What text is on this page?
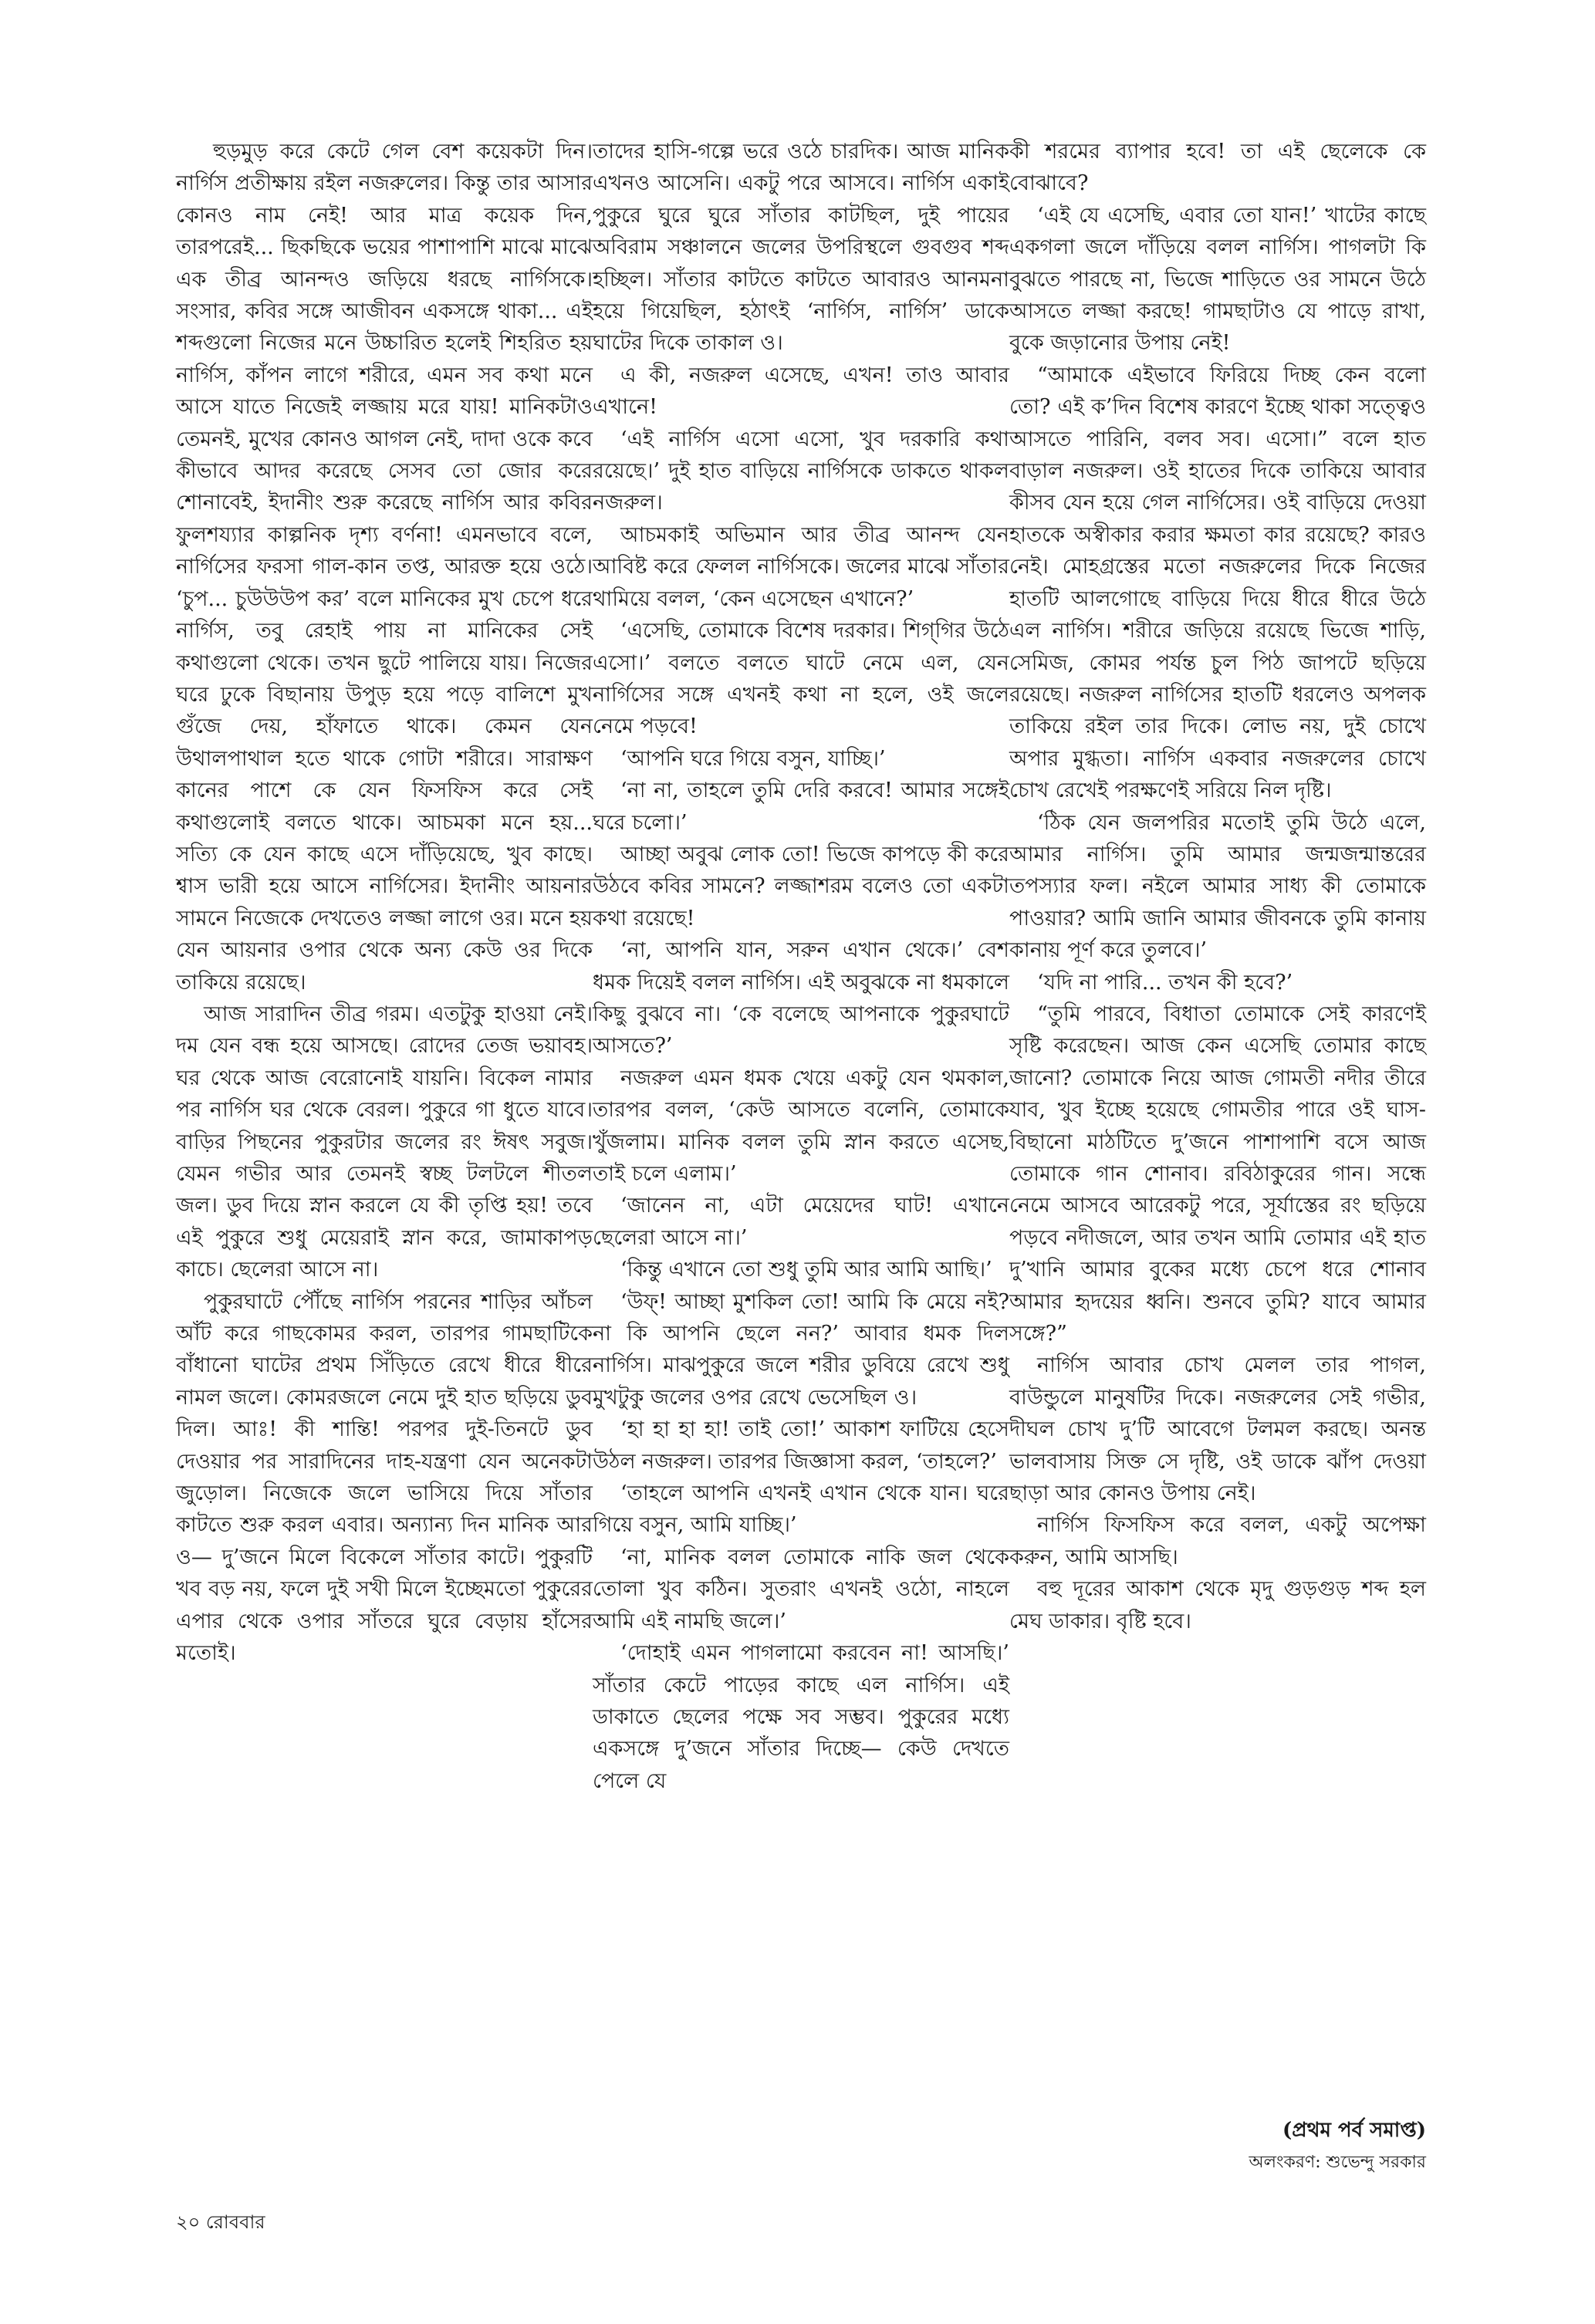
হুড়মুড় করে কেটে গেল বেশ কয়েকটা দিন। নার্গিস প্রতীক্ষায় রইল নজরুলের। কিন্তু তার আসার কোনও নাম নেই! আর মাত্র কয়েক দিন, তারপরেই... ছিকছিকে ভয়ের পাশাপাশি মাঝে মাঝে এক তীব্র আনন্দও জড়িয়ে ধরছে নার্গিসকে। সংসার, কবির সঙ্গে আজীবন একসঙ্গে থাকা... এই শব্দগুলো নিজের মনে উচ্চারিত হলেই শিহরিত হয় নার্গিস, কাঁপন লাগে শরীরে, এমন সব কথা মনে আসে যাতে নিজেই লজ্জায় মরে যায়! মানিকটাও তেমনই, মুখের কোনও আগল নেই, দাদা ওকে কবে কীভাবে আদর করেছে সেসব তো জোর করে শোনাবেই, ইদানীং শুরু করেছে নার্গিস আর কবির ফুলশয্যার কাল্পনিক দৃশ্য বর্ণনা! এমনভাবে বলে, নার্গিসের ফরসা গাল-কান তপ্ত, আরক্ত হয়ে ওঠে। ‘চুপ... চুউউউপ কর’ বলে মানিকের মুখ চেপে ধরে নার্গিস, তবু রেহাই পায় না মানিকের সেই কথাগুলো থেকে। তখন ছুটে পালিয়ে যায়। নিজের ঘরে ঢুকে বিছানায় উপুড় হয়ে পড়ে বালিশে মুখ গুঁজে দেয়, হাঁফাতে থাকে। কেমন যেন উথালপাথাল হতে থাকে গোটা শরীরে। সারাক্ষণ কানের পাশে কে যেন ফিসফিস করে সেই কথাগুলোই বলতে থাকে। আচমকা মনে হয়... সত্যি কে যেন কাছে এসে দাঁড়িয়েছে, খুব কাছে। শ্বাস ভারী হয়ে আসে নার্গিসের। ইদানীং আয়নার সামনে নিজেকে দেখতেও লজ্জা লাগে ওর। মনে হয় যেন আয়নার ওপার থেকে অন্য কেউ ওর দিকে তাকিয়ে রয়েছে।

আজ সারাদিন তীব্র গরম। এতটুকু হাওয়া নেই। দম যেন বন্ধ হয়ে আসছে। রোদের তেজ ভয়াবহ। ঘর থেকে আজ বেরোনোই যায়নি। বিকেল নামার পর নার্গিস ঘর থেকে বেরল। পুকুরে গা ধুতে যাবে। বাড়ির পিছনের পুকুরটার জলের রং ঈষৎ সবুজ। যেমন গভীর আর তেমনই স্বচ্ছ টলটলে শীতল জল। ডুব দিয়ে স্নান করলে যে কী তৃপ্তি হয়! তবে এই পুকুরে শুধু মেয়েরাই স্নান করে, জামাকাপড় কাচে। ছেলেরা আসে না।

পুকুরঘাটে পৌঁছে নার্গিস পরনের শাড়ির আঁচল আঁট করে গাছকোমর করল, তারপর গামছাটিকে বাঁধানো ঘাটের প্রথম সিঁড়িতে রেখে ধীরে ধীরে নামল জলে। কোমরজলে নেমে দুই হাত ছড়িয়ে ডুব দিল। আঃ! কী শান্তি! পরপর দুই-তিনটে ডুব দেওয়ার পর সারাদিনের দাহ-যন্ত্রণা যেন অনেকটা জুড়োল। নিজেকে জলে ভাসিয়ে দিয়ে সাঁতার কাটতে শুরু করল এবার। অন্যান্য দিন মানিক আর ও— দু’জনে মিলে বিকেলে সাঁতার কাটে। পুকুরটি খব বড় নয়, ফলে দুই সখী মিলে ইচ্ছেমতো পুকুরের এপার থেকে ওপার সাঁতরে ঘুরে বেড়ায় হাঁসের মতোই।

তাদের হাসি-গল্পে ভরে ওঠে চারদিক। আজ মানিক এখনও আসেনি। একটু পরে আসবে। নার্গিস একাই পুকুরে ঘুরে ঘুরে সাঁতার কাটছিল, দুই পায়ের অবিরাম সঞ্চালনে জলের উপরিস্থলে গুবগুব শব্দ হচ্ছিল। সাঁতার কাটতে কাটতে আবারও আনমনা হয়ে গিয়েছিল, হঠাৎই ‘নার্গিস, নার্গিস’ ডাকে ঘাটের দিকে তাকাল ও।

এ কী, নজরুল এসেছে, এখন! তাও আবার এখানে!

‘এই নার্গিস এসো এসো, খুব দরকারি কথা রয়েছে।’ দুই হাত বাড়িয়ে নার্গিসকে ডাকতে থাকল নজরুল।

আচমকাই অভিমান আর তীব্র আনন্দ যেন আবিষ্ট করে ফেলল নার্গিসকে। জলের মাঝে সাঁতার থামিয়ে বলল, ‘কেন এসেছেন এখানে?’

‘এসেছি, তোমাকে বিশেষ দরকার। শিগ্‌গির উঠে এসো।’ বলতে বলতে ঘাটে নেমে এল, যেন নার্গিসের সঙ্গে এখনই কথা না হলে, ওই জলে নেমে পড়বে!

‘আপনি ঘরে গিয়ে বসুন, যাচ্ছি।’

‘না না, তাহলে তুমি দেরি করবে! আমার সঙ্গেই ঘরে চলো।’

আচ্ছা অবুঝ লোক তো! ভিজে কাপড়ে কী করে উঠবে কবির সামনে? লজ্জাশরম বলেও তো একটা কথা রয়েছে!

‘না, আপনি যান, সরুন এখান থেকে।’ বেশ ধমক দিয়েই বলল নার্গিস। এই অবুঝকে না ধমকালে কিছু বুঝবে না। ‘কে বলেছে আপনাকে পুকুরঘাটে আসতে?’

নজরুল এমন ধমক খেয়ে একটু যেন থমকাল, তারপর বলল, ‘কেউ আসতে বলেনি, তোমাকে খুঁজলাম। মানিক বলল তুমি স্নান করতে এসেছ, তাই চলে এলাম।’

‘জানেন না, এটা মেয়েদের ঘাট! এখানে ছেলেরা আসে না।’

‘কিন্তু এখানে তো শুধু তুমি আর আমি আছি।’

‘উফ্! আচ্ছা মুশকিল তো! আমি কি মেয়ে নই? না কি আপনি ছেলে নন?’ আবার ধমক দিল নার্গিস। মাঝপুকুরে জলে শরীর ডুবিয়ে রেখে শুধু মুখটুকু জলের ওপর রেখে ভেসেছিল ও।

‘হা হা হা হা! তাই তো!’ আকাশ ফাটিয়ে হেসে উঠল নজরুল। তারপর জিজ্ঞাসা করল, ‘তাহলে?’

‘তাহলে আপনি এখনই এখান থেকে যান। ঘরে গিয়ে বসুন, আমি যাচ্ছি।’

‘না, মানিক বলল তোমাকে নাকি জল থেকে তোলা খুব কঠিন। সুতরাং এখনই ওঠো, নাহলে আমি এই নামছি জলে।’

‘দোহাই এমন পাগলামো করবেন না! আসছি।’ সাঁতার কেটে পাড়ের কাছে এল নার্গিস। এই ডাকাতে ছেলের পক্ষে সব সম্ভব। পুকুরের মধ্যে একসঙ্গে দু’জনে সাঁতার দিচ্ছে— কেউ দেখতে পেলে যে

কী শরমের ব্যাপার হবে! তা এই ছেলেকে কে বোঝাবে?

‘এই যে এসেছি, এবার তো যান!’ খাটের কাছে একগলা জলে দাঁড়িয়ে বলল নার্গিস। পাগলটা কি বুঝতে পারছে না, ভিজে শাড়িতে ওর সামনে উঠে আসতে লজ্জা করছে! গামছাটাও যে পাড়ে রাখা, বুকে জড়ানোর উপায় নেই!

“আমাকে এইভাবে ফিরিয়ে দিচ্ছ কেন বলো তো? এই ক’দিন বিশেষ কারণে ইচ্ছে থাকা সত্ত্বেও আসতে পারিনি, বলব সব। এসো।” বলে হাত বাড়াল নজরুল। ওই হাতের দিকে তাকিয়ে আবার কীসব যেন হয়ে গেল নার্গিসের। ওই বাড়িয়ে দেওয়া হাতকে অস্বীকার করার ক্ষমতা কার রয়েছে? কারও নেই। মোহগ্রস্তের মতো নজরুলের দিকে নিজের হাতটি আলগোছে বাড়িয়ে দিয়ে ধীরে ধীরে উঠে এল নার্গিস। শরীরে জড়িয়ে রয়েছে ভিজে শাড়ি, সেমিজ, কোমর পর্যন্ত চুল পিঠ জাপটে ছড়িয়ে রয়েছে। নজরুল নার্গিসের হাতটি ধরলেও অপলক তাকিয়ে রইল তার দিকে। লোভ নয়, দুই চোখে অপার মুগ্ধতা। নার্গিস একবার নজরুলের চোখে চোখ রেখেই পরক্ষণেই সরিয়ে নিল দৃষ্টি।

‘ঠিক যেন জলপরির মতোই তুমি উঠে এলে, আমার নার্গিস। তুমি আমার জন্মজন্মান্তরের তপস্যার ফল। নইলে আমার সাধ্য কী তোমাকে পাওয়ার? আমি জানি আমার জীবনকে তুমি কানায় কানায় পূর্ণ করে তুলবে।’

‘যদি না পারি... তখন কী হবে?’

“তুমি পারবে, বিধাতা তোমাকে সেই কারণেই সৃষ্টি করেছেন। আজ কেন এসেছি তোমার কাছে জানো? তোমাকে নিয়ে আজ গোমতী নদীর তীরে যাব, খুব ইচ্ছে হয়েছে গোমতীর পারে ওই ঘাস-বিছানো মাঠটিতে দু’জনে পাশাপাশি বসে আজ তোমাকে গান শোনাব। রবিঠাকুরের গান। সন্ধে নেমে আসবে আরেকটু পরে, সূর্যাস্তের রং ছড়িয়ে পড়বে নদীজলে, আর তখন আমি তোমার এই হাত দু’খানি আমার বুকের মধ্যে চেপে ধরে শোনাব আমার হৃদয়ের ধ্বনি। শুনবে তুমি? যাবে আমার সঙ্গে?”

নার্গিস আবার চোখ মেলল তার পাগল, বাউন্ডুলে মানুষটির দিকে। নজরুলের সেই গভীর, দীঘল চোখ দু’টি আবেগে টলমল করছে। অনন্ত ভালবাসায় সিক্ত সে দৃষ্টি, ওই ডাকে ঝাঁপ দেওয়া ছাড়া আর কোনও উপায় নেই।

নার্গিস ফিসফিস করে বলল, একটু অপেক্ষা করুন, আমি আসছি।

বহু দূরের আকাশ থেকে মৃদু গুড়গুড় শব্দ হল মেঘ ডাকার। বৃষ্টি হবে।

(প্রথম পর্ব সমাপ্ত)
অলংকরণ: শুভেন্দু সরকার
২০ রোববার
